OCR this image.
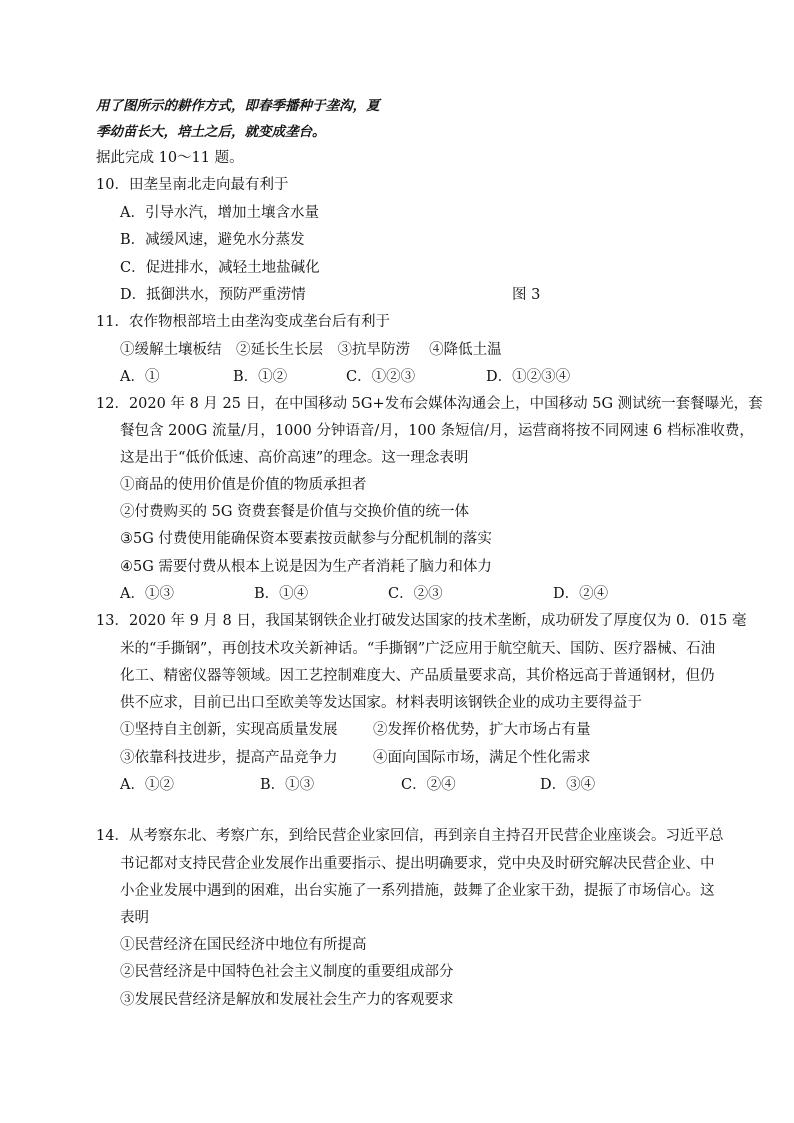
用了图所示的耕作方式，即春季播种于垄沟，夏
季幼苗长大，培土之后，就变成垄台。
据此完成 10～11 题。
10．田垄呈南北走向最有利于
A．引导水汽，增加土壤含水量
B．减缓风速，避免水分蒸发
C．促进排水，减轻土地盐碱化
D．抵御洪水，预防严重涝情	图 3
11．农作物根部培土由垄沟变成垄台后有利于
①缓解土壤板结　②延长生长层　③抗旱防涝　 ④降低土温
A．①	B．①②	C．①②③	D．①②③④
12．2020 年 8 月 25 日，在中国移动 5G+发布会媒体沟通会上，中国移动 5G 测试统一套餐曝光，套
餐包含 200G 流量/月，1000 分钟语音/月，100 条短信/月，运营商将按不同网速 6 档标准收费，
这是出于“低价低速、高价高速”的理念。这一理念表明
①商品的使用价值是价值的物质承担者
②付费购买的 5G 资费套餐是价值与交换价值的统一体
③5G 付费使用能确保资本要素按贡献参与分配机制的落实
④5G 需要付费从根本上说是因为生产者消耗了脑力和体力
A．①③	B．①④	C．②③	D．②④
13．2020 年 9 月 8 日，我国某钢铁企业打破发达国家的技术垄断，成功研发了厚度仅为 0．015 毫
米的“手撕钢”，再创技术攻关新神话。“手撕钢”广泛应用于航空航天、国防、医疗器械、石油
化工、精密仪器等领域。因工艺控制难度大、产品质量要求高，其价格远高于普通钢材，但仍
供不应求，目前已出口至欧美等发达国家。材料表明该钢铁企业的成功主要得益于
①坚持自主创新，实现高质量发展 ②发挥价格优势，扩大市场占有量
③依靠科技进步，提高产品竞争力 ④面向国际市场，满足个性化需求
A．①②	B．①③	C．②④	D．③④
14．从考察东北、考察广东，到给民营企业家回信，再到亲自主持召开民营企业座谈会。习近平总
书记都对支持民营企业发展作出重要指示、提出明确要求，党中央及时研究解决民营企业、中
小企业发展中遇到的困难，出台实施了一系列措施，鼓舞了企业家干劲，提振了市场信心。这
表明
①民营经济在国民经济中地位有所提高
②民营经济是中国特色社会主义制度的重要组成部分
③发展民营经济是解放和发展社会生产力的客观要求
